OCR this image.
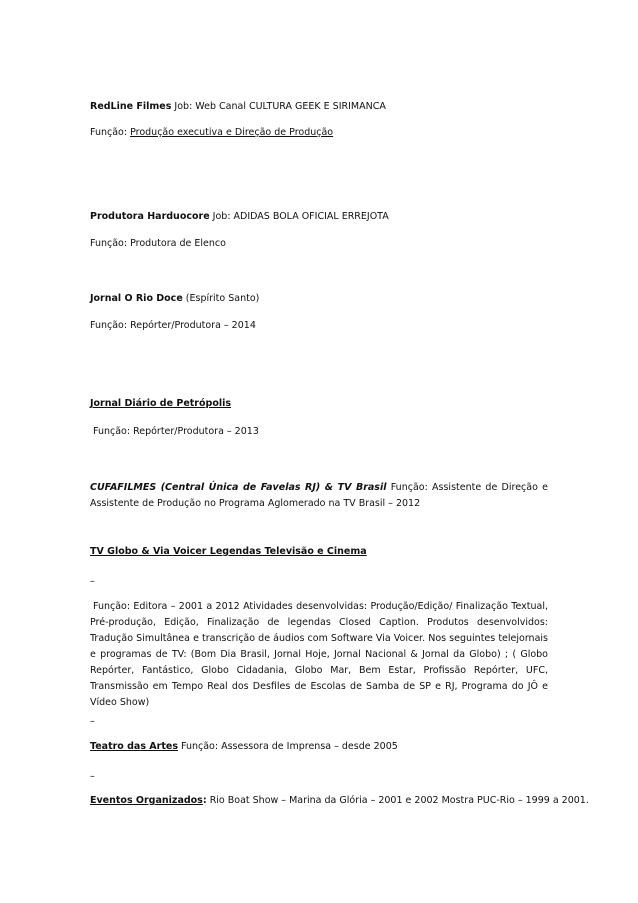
RedLine Filmes Job: Web Canal CULTURA GEEK E SIRIMANCA
Função: Produção executiva e Direção de Produção
Produtora Harduocore Job: ADIDAS BOLA OFICIAL ERREJOTA
Função: Produtora de Elenco
Jornal O Rio Doce (Espírito Santo)
Função: Repórter/Produtora – 2014
Jornal Diário de Petrópolis
Função: Repórter/Produtora – 2013
CUFAFILMES (Central Única de Favelas RJ) & TV Brasil Função: Assistente de Direção e Assistente de Produção no Programa Aglomerado na TV Brasil – 2012
TV Globo & Via Voicer Legendas Televisão e Cinema
–
Função: Editora – 2001 a 2012 Atividades desenvolvidas: Produção/Edição/ Finalização Textual, Pré-produção, Edição, Finalização de legendas Closed Caption. Produtos desenvolvidos: Tradução Simultânea e transcrição de áudios com Software Via Voicer. Nos seguintes telejornais e programas de TV: (Bom Dia Brasil, Jornal Hoje, Jornal Nacional & Jornal da Globo) ; ( Globo Repórter, Fantástico, Globo Cidadania, Globo Mar, Bem Estar, Profissão Repórter, UFC, Transmissão em Tempo Real dos Desfiles de Escolas de Samba de SP e RJ, Programa do JÔ e Vídeo Show)
–
Teatro das Artes Função: Assessora de Imprensa – desde 2005
–
Eventos Organizados: Rio Boat Show – Marina da Glória – 2001 e 2002 Mostra PUC-Rio – 1999 a 2001.
